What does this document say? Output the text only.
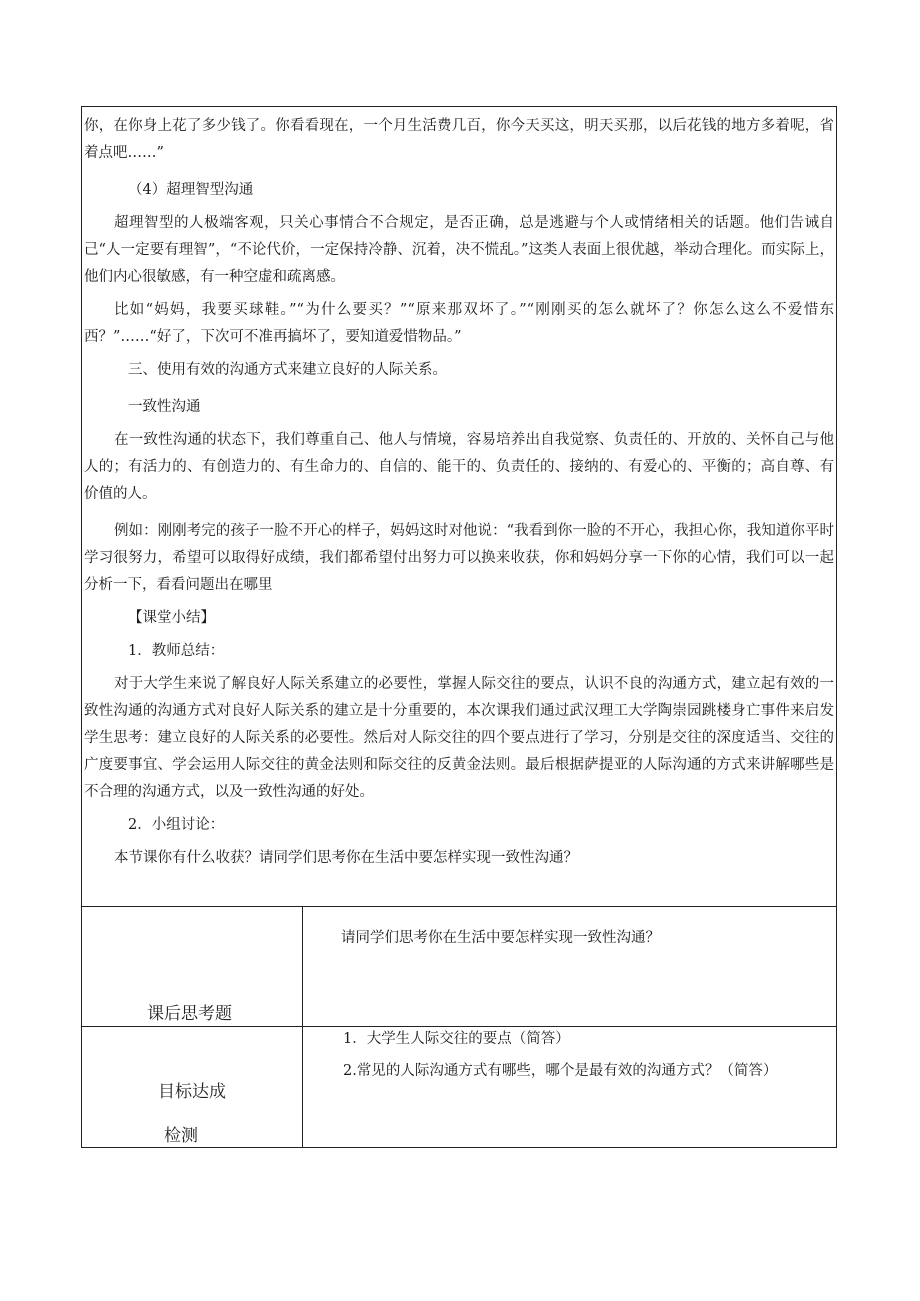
你，在你身上花了多少钱了。你看看现在，一个月生活费几百，你今天买这，明天买那，以后花钱的地方多着呢，省着点吧……”

（4）超理智型沟通

超理智型的人极端客观，只关心事情合不合规定，是否正确，总是逃避与个人或情绪相关的话题。他们告诫自己“人一定要有理智”，“不论代价，一定保持冷静、沉着，决不慌乱。”这类人表面上很优越，举动合理化。而实际上，他们内心很敏感，有一种空虚和疏离感。

比如“妈妈，我要买球鞋。”“为什么要买？”“原来那双坏了。”“刚刚买的怎么就坏了？你怎么这么不爱惜东西？”……“好了，下次可不准再搞坏了，要知道爱惜物品。”

三、使用有效的沟通方式来建立良好的人际关系。

一致性沟通

在一致性沟通的状态下，我们尊重自己、他人与情境，容易培养出自我觉察、负责任的、开放的、关怀自己与他人的；有活力的、有创造力的、有生命力的、自信的、能干的、负责任的、接纳的、有爱心的、平衡的；高自尊、有价值的人。

例如：刚刚考完的孩子一脸不开心的样子，妈妈这时对他说：“我看到你一脸的不开心，我担心你，我知道你平时学习很努力，希望可以取得好成绩，我们都希望付出努力可以换来收获，你和妈妈分享一下你的心情，我们可以一起分析一下，看看问题出在哪里

【课堂小结】

1．教师总结：

对于大学生来说了解良好人际关系建立的必要性，掌握人际交往的要点，认识不良的沟通方式，建立起有效的一致性沟通的沟通方式对良好人际关系的建立是十分重要的，本次课我们通过武汉理工大学陶崇园跳楼身亡事件来启发学生思考：建立良好的人际关系的必要性。然后对人际交往的四个要点进行了学习，分别是交往的深度适当、交往的广度要事宜、学会运用人际交往的黄金法则和际交往的反黄金法则。最后根据萨提亚的人际沟通的方式来讲解哪些是不合理的沟通方式，以及一致性沟通的好处。

2．小组讨论：

本节课你有什么收获？请同学们思考你在生活中要怎样实现一致性沟通？

课后思考题
请同学们思考你在生活中要怎样实现一致性沟通？
目标达成
检测
1．大学生人际交往的要点（简答）
2.常见的人际沟通方式有哪些，哪个是最有效的沟通方式？（简答）
